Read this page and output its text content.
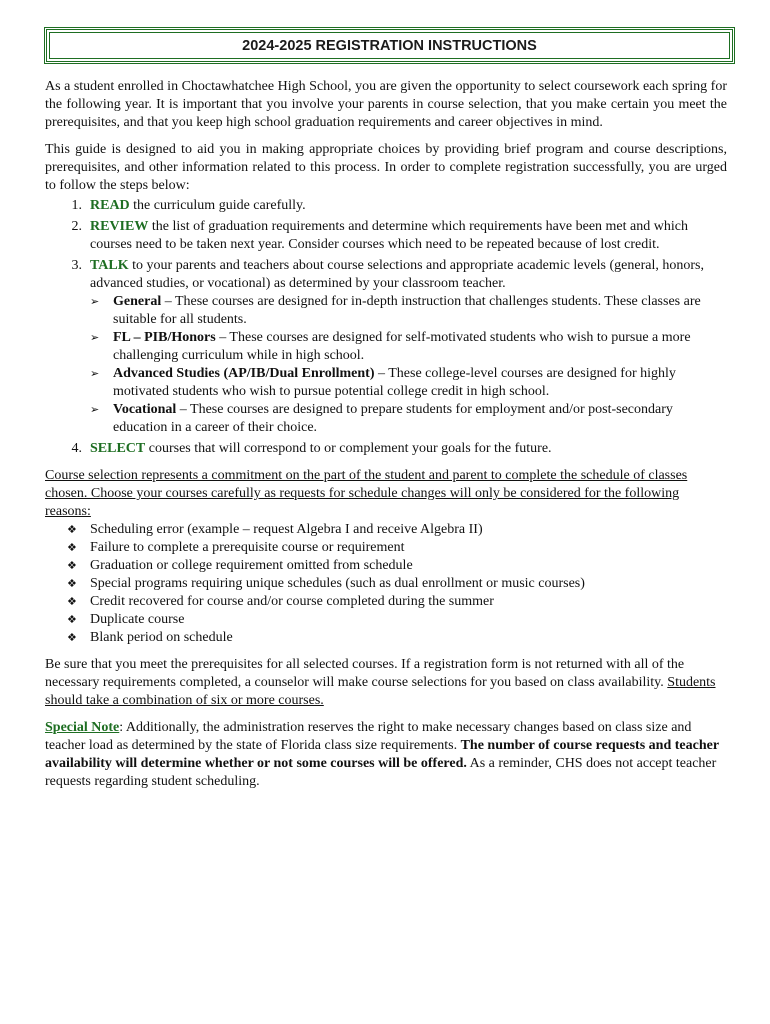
2024-2025 REGISTRATION INSTRUCTIONS

As a student enrolled in Choctawhatchee High School, you are given the opportunity to select coursework each spring for the following year. It is important that you involve your parents in course selection, that you make certain you meet the prerequisites, and that you keep high school graduation requirements and career objectives in mind.

This guide is designed to aid you in making appropriate choices by providing brief program and course descriptions, prerequisites, and other information related to this process. In order to complete registration successfully, you are urged to follow the steps below:

1. READ the curriculum guide carefully.
2. REVIEW the list of graduation requirements and determine which requirements have been met and which courses need to be taken next year. Consider courses which need to be repeated because of lost credit.
3. TALK to your parents and teachers about course selections and appropriate academic levels (general, honors, advanced studies, or vocational) as determined by your classroom teacher.
➢ General – These courses are designed for in-depth instruction that challenges students. These classes are suitable for all students.
➢ FL – PIB/Honors – These courses are designed for self-motivated students who wish to pursue a more challenging curriculum while in high school.
➢ Advanced Studies (AP/IB/Dual Enrollment) – These college-level courses are designed for highly motivated students who wish to pursue potential college credit in high school.
➢ Vocational – These courses are designed to prepare students for employment and/or post-secondary education in a career of their choice.
4. SELECT courses that will correspond to or complement your goals for the future.

Course selection represents a commitment on the part of the student and parent to complete the schedule of classes chosen. Choose your courses carefully as requests for schedule changes will only be considered for the following reasons:

❖ Scheduling error (example – request Algebra I and receive Algebra II)
❖ Failure to complete a prerequisite course or requirement
❖ Graduation or college requirement omitted from schedule
❖ Special programs requiring unique schedules (such as dual enrollment or music courses)
❖ Credit recovered for course and/or course completed during the summer
❖ Duplicate course
❖ Blank period on schedule

Be sure that you meet the prerequisites for all selected courses. If a registration form is not returned with all of the necessary requirements completed, a counselor will make course selections for you based on class availability. Students should take a combination of six or more courses.

Special Note: Additionally, the administration reserves the right to make necessary changes based on class size and teacher load as determined by the state of Florida class size requirements. The number of course requests and teacher availability will determine whether or not some courses will be offered. As a reminder, CHS does not accept teacher requests regarding student scheduling.
